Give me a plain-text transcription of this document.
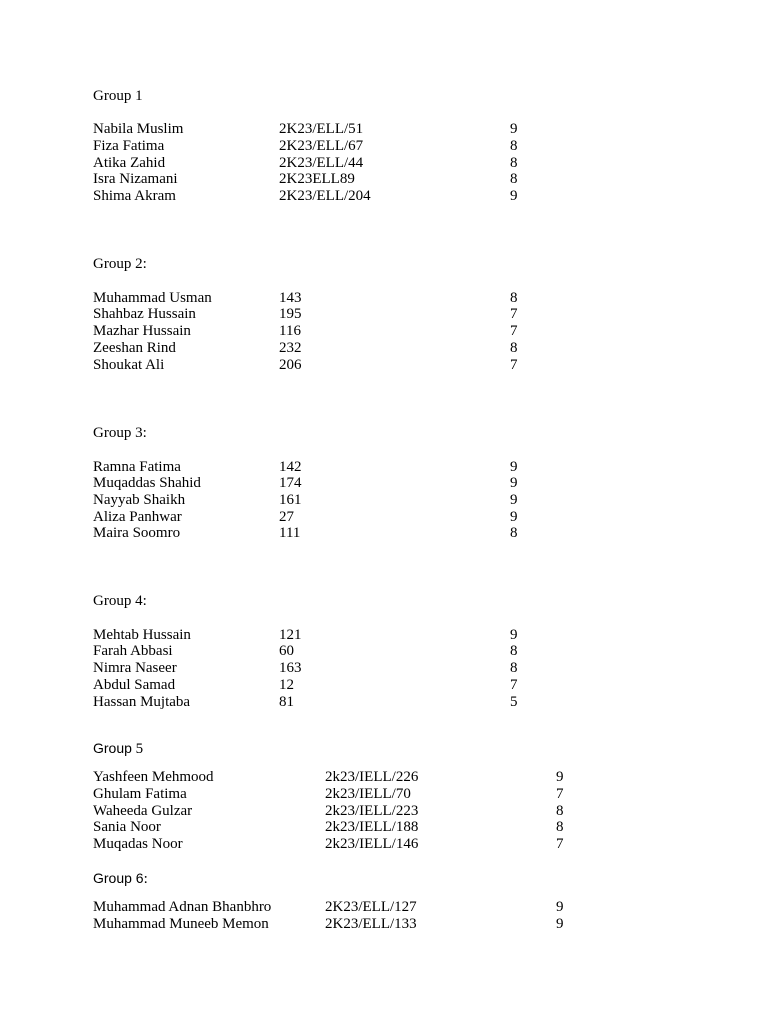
Group 1
Nabila Muslim	2K23/ELL/51	9
Fiza Fatima	2K23/ELL/67	8
Atika Zahid	2K23/ELL/44	8
Isra Nizamani	2K23ELL89	8
Shima Akram	2K23/ELL/204	9
Group 2:
Muhammad Usman	143	8
Shahbaz Hussain	195	7
Mazhar Hussain	116	7
Zeeshan Rind	232	8
Shoukat Ali	206	7
Group 3:
Ramna Fatima	142	9
Muqaddas Shahid	174	9
Nayyab Shaikh	161	9
Aliza Panhwar	27	9
Maira Soomro	111	8
Group 4:
Mehtab Hussain	121	9
Farah Abbasi	60	8
Nimra Naseer	163	8
Abdul Samad	12	7
Hassan Mujtaba	81	5
Group 5
Yashfeen Mehmood	2k23/IELL/226	9
Ghulam Fatima	2k23/IELL/70	7
Waheeda Gulzar	2k23/IELL/223	8
Sania Noor	2k23/IELL/188	8
Muqadas Noor	2k23/IELL/146	7
Group 6:
Muhammad Adnan Bhanbhro	2K23/ELL/127	9
Muhammad Muneeb Memon	2K23/ELL/133	9
